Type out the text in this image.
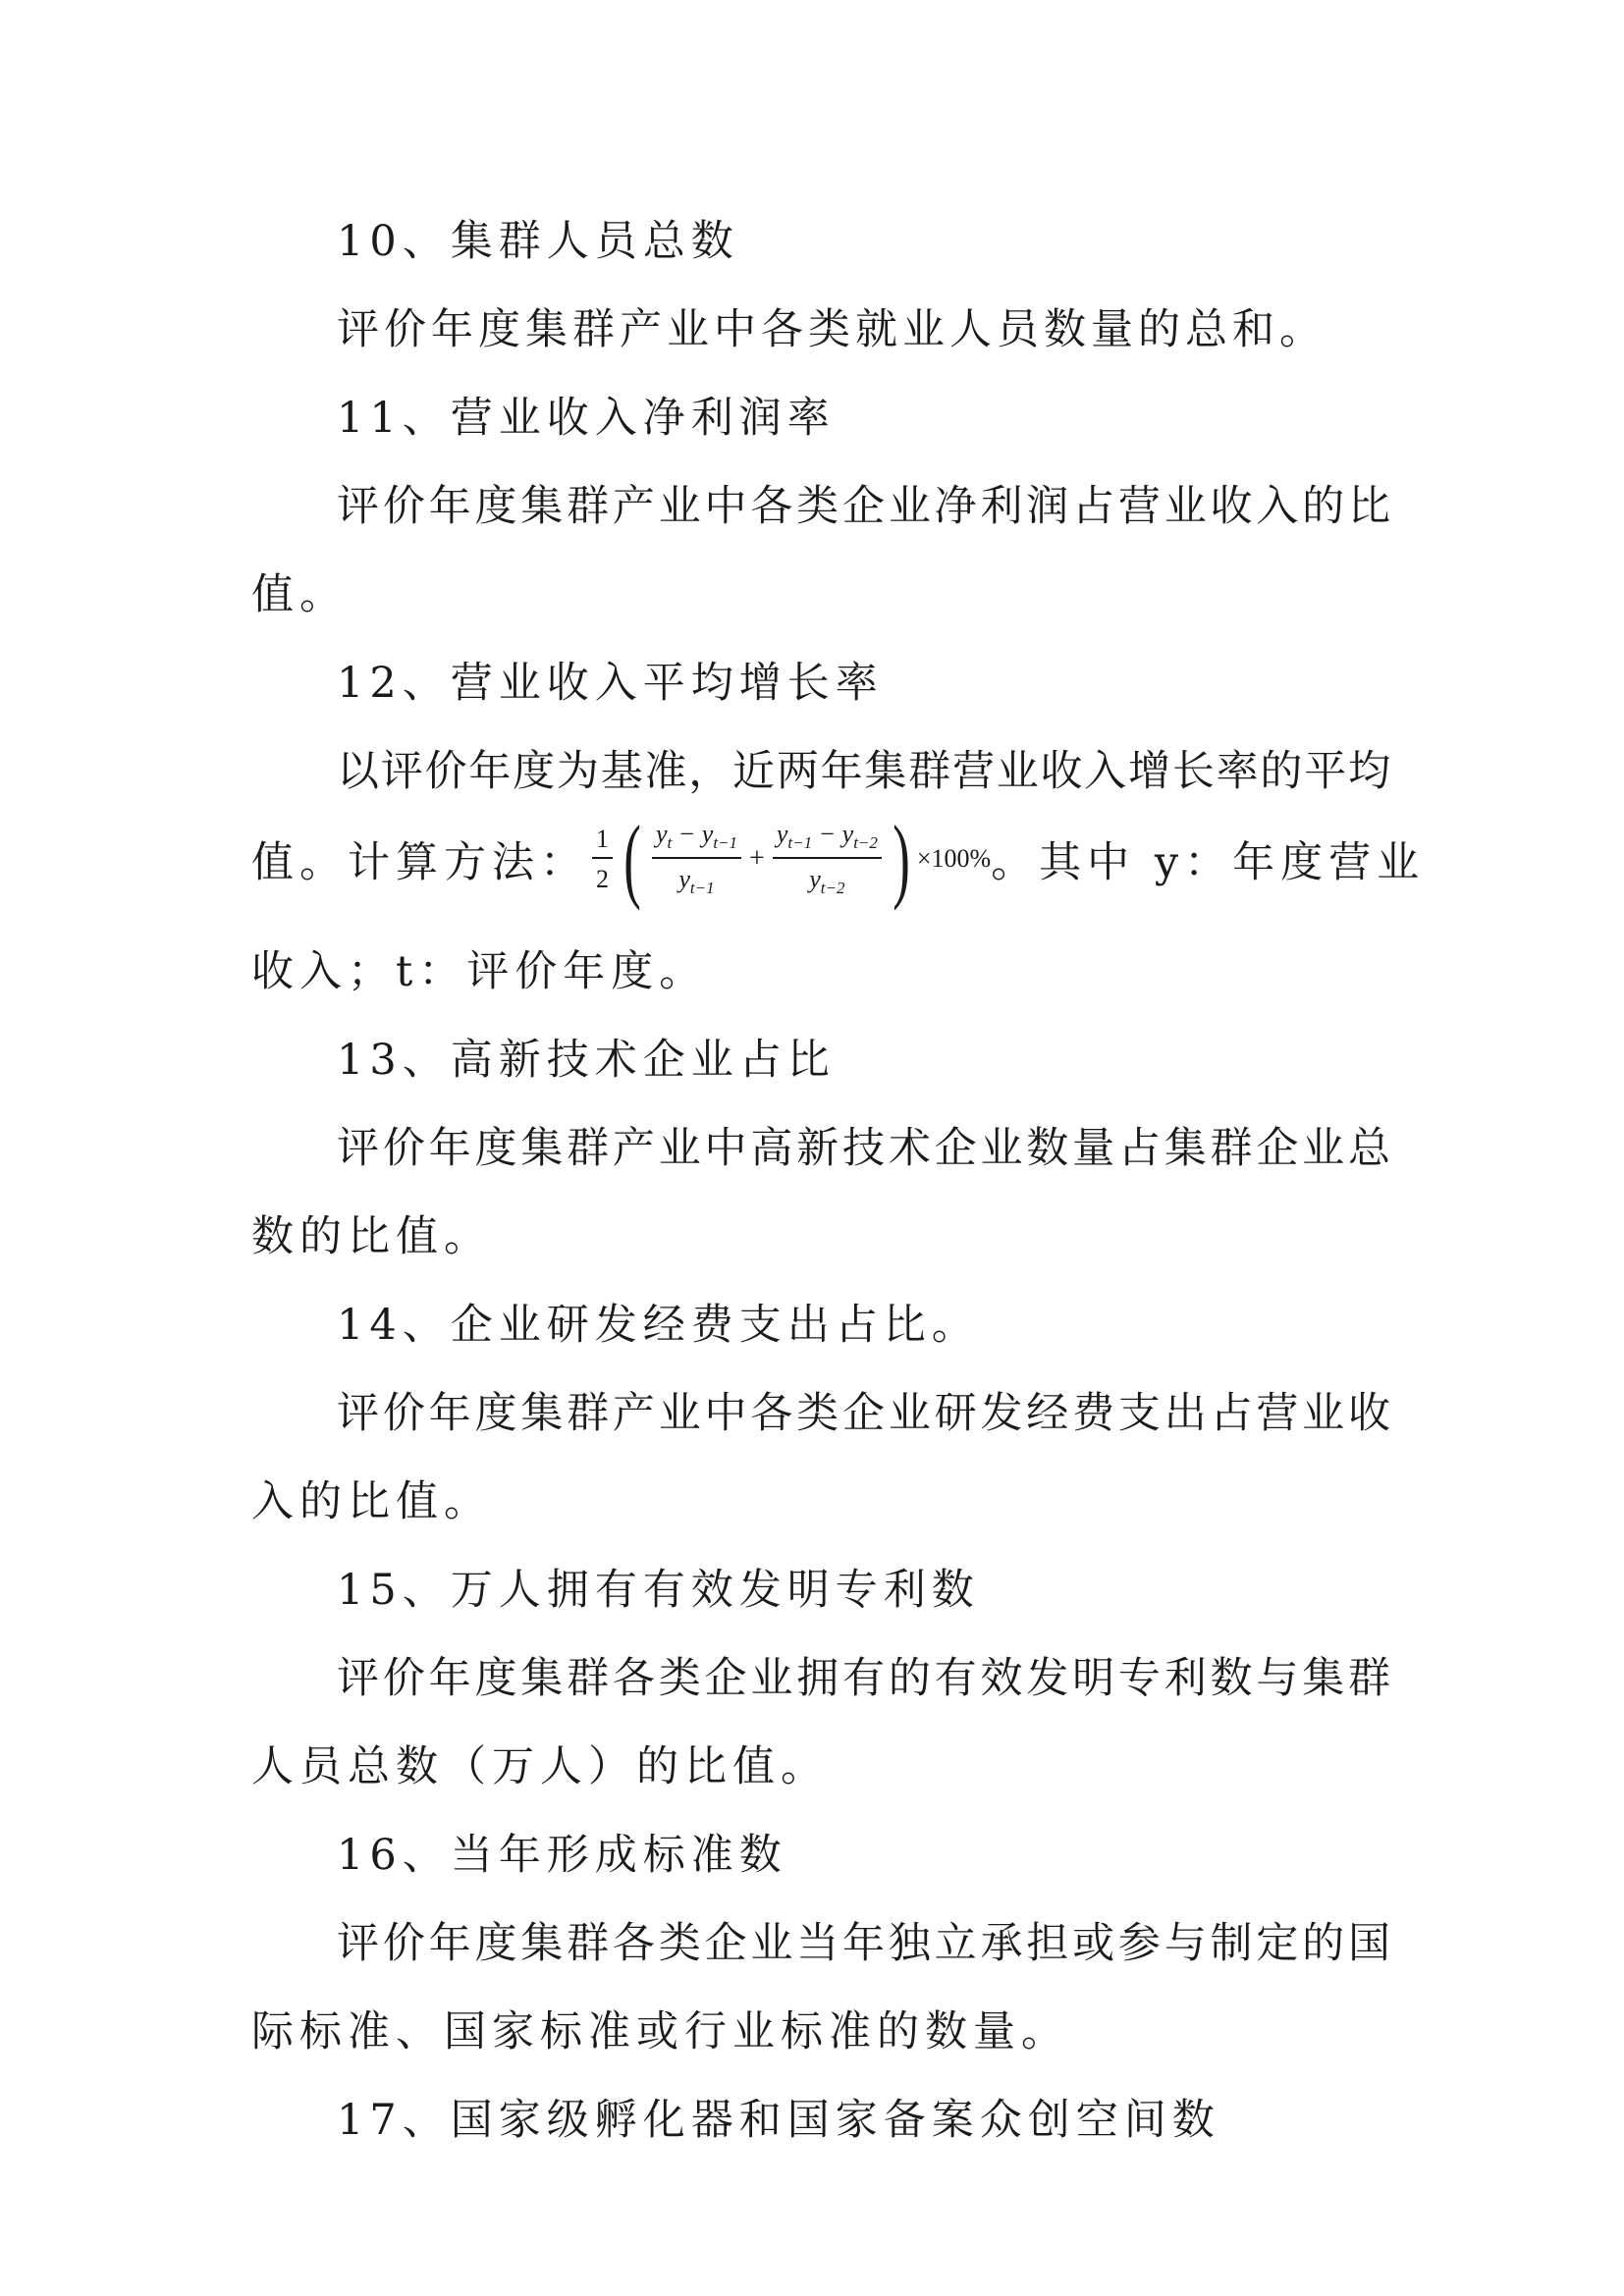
10、集群人员总数
评价年度集群产业中各类就业人员数量的总和。
11、营业收入净利润率
评价年度集群产业中各类企业净利润占营业收入的比
值。
12、营业收入平均增长率
以评价年度为基准，近两年集群营业收入增长率的平均
值。计算方法： $\frac{1}{2}$ ( $\frac{y_t - y_{t-1}}{y_{t-1}} + \frac{y_{t-1} - y_{t-2}}{y_{t-2}}$ ) ×100% 。其中 y：年度营业
收入；t：评价年度。
13、高新技术企业占比
评价年度集群产业中高新技术企业数量占集群企业总
数的比值。
14、企业研发经费支出占比。
评价年度集群产业中各类企业研发经费支出占营业收
入的比值。
15、万人拥有有效发明专利数
评价年度集群各类企业拥有的有效发明专利数与集群
人员总数（万人）的比值。
16、当年形成标准数
评价年度集群各类企业当年独立承担或参与制定的国
际标准、国家标准或行业标准的数量。
17、国家级孵化器和国家备案众创空间数
